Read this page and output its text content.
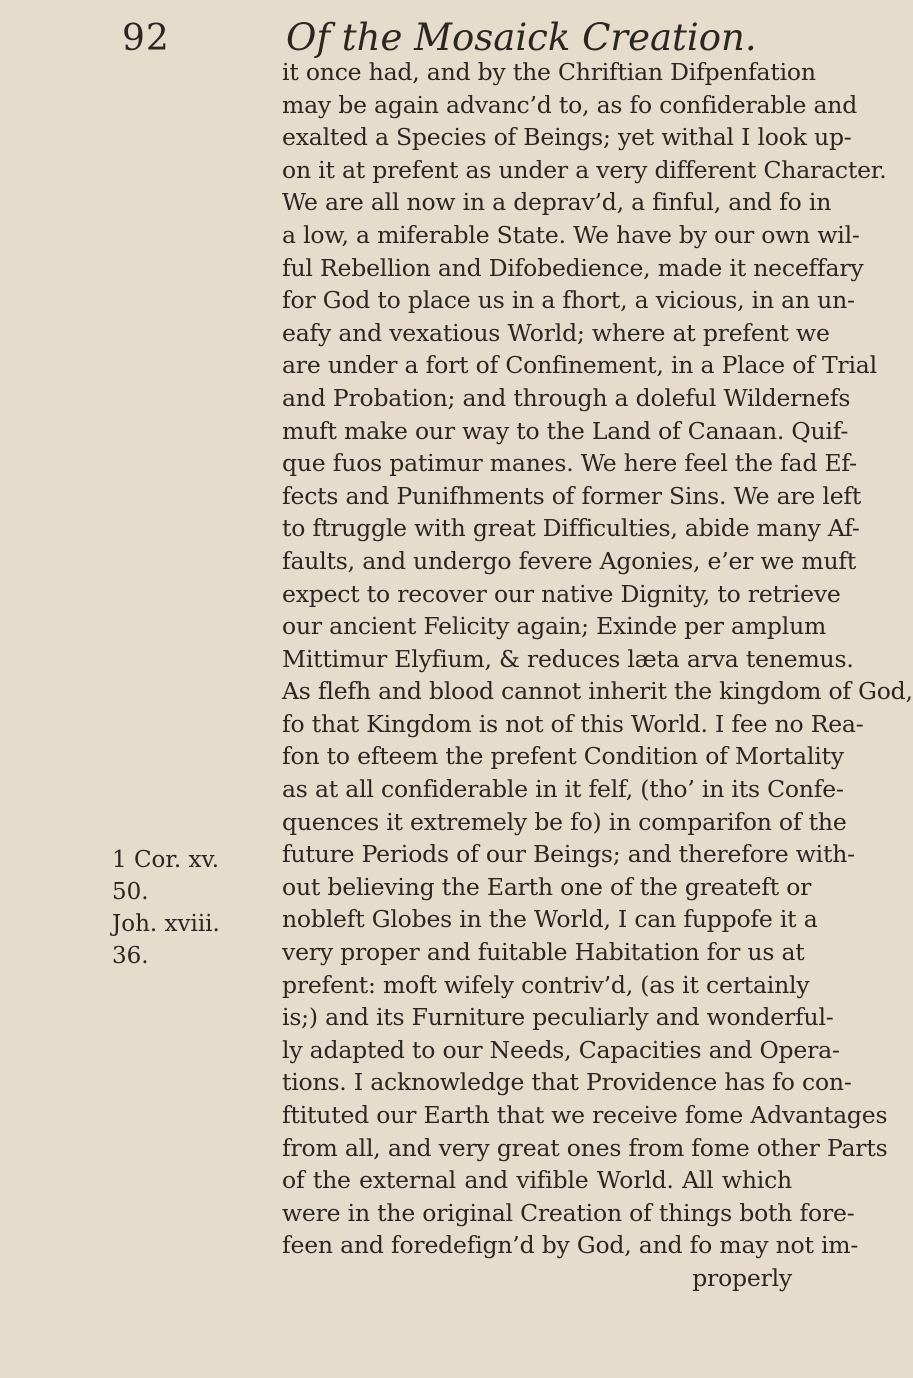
92	Of the Mosaick Creation.
1 Cor. xv.
50.
Joh. xviii.
36.
it once had, and by the Chriftian Difpenfation
may be again advanc’d to, as fo confiderable and
exalted a Species of Beings; yet withal I look up-
on it at prefent as under a very different Character.
We are all now in a deprav’d, a finful, and fo in
a low, a miferable State. We have by our own wil-
ful Rebellion and Difobedience, made it neceffary
for God to place us in a fhort, a vicious, in an un-
eafy and vexatious World; where at prefent we
are under a fort of Confinement, in a Place of Trial
and Probation; and through a doleful Wildernefs
muft make our way to the Land of Canaan. Quif-
que fuos patimur manes. We here feel the fad Ef-
fects and Punifhments of former Sins. We are left
to ftruggle with great Difficulties, abide many Af-
faults, and undergo fevere Agonies, e’er we muft
expect to recover our native Dignity, to retrieve
our ancient Felicity again; Exinde per amplum
Mittimur Elyfium, & reduces læta arva tenemus.
As flefh and blood cannot inherit the kingdom of God,
fo that Kingdom is not of this World. I fee no Rea-
fon to efteem the prefent Condition of Mortality
as at all confiderable in it felf, (tho’ in its Confe-
quences it extremely be fo) in comparifon of the
future Periods of our Beings; and therefore with-
out believing the Earth one of the greateft or
nobleft Globes in the World, I can fuppofe it a
very proper and fuitable Habitation for us at
prefent: moft wifely contriv’d, (as it certainly
is;) and its Furniture peculiarly and wonderful-
ly adapted to our Needs, Capacities and Opera-
tions. I acknowledge that Providence has fo con-
ftituted our Earth that we receive fome Advantages
from all, and very great ones from fome other Parts
of the external and vifible World. All which
were in the original Creation of things both fore-
feen and foredefign’d by God, and fo may not im-
properly
